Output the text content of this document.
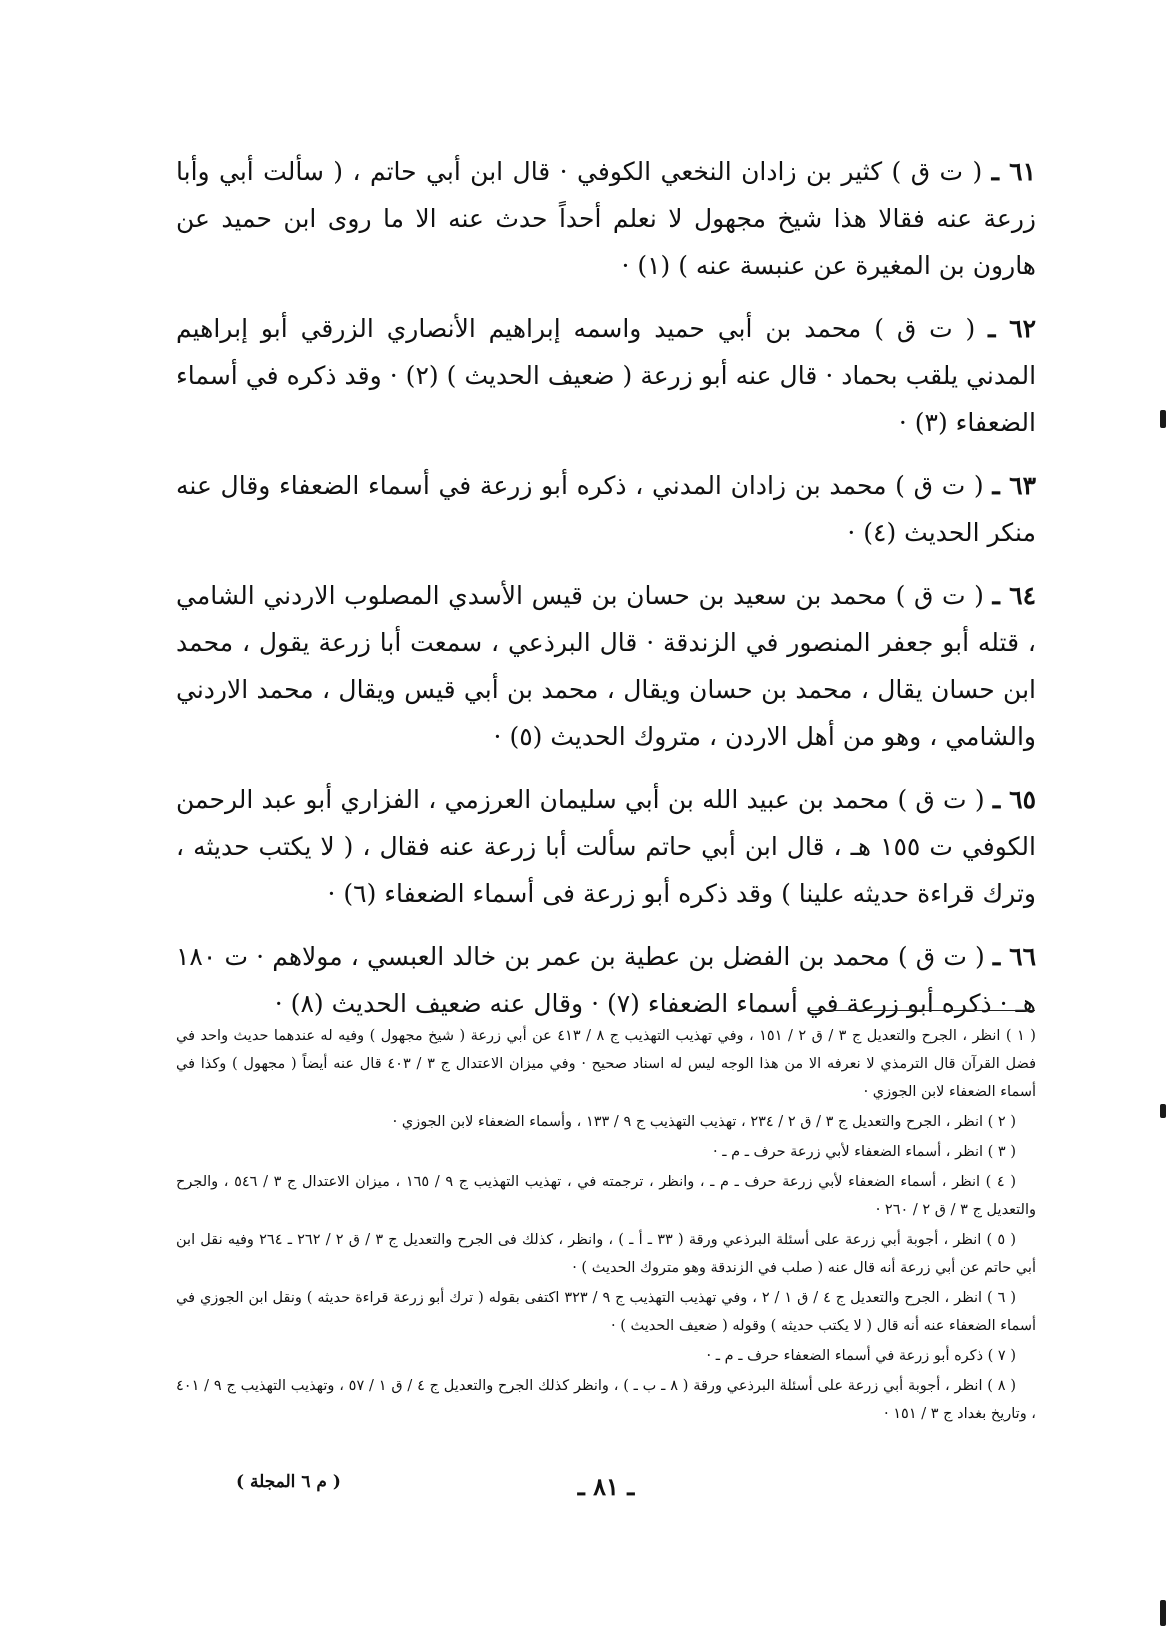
٦١ ـ ( ت ق ) كثير بن زادان النخعي الكوفي · قال ابن أبي حاتم ، ( سألت أبي وأبا زرعة عنه فقالا هذا شيخ مجهول لا نعلم أحداً حدث عنه الا ما روى ابن حميد عن هارون بن المغيرة عن عنبسة عنه ) (١) ·

٦٢ ـ ( ت ق ) محمد بن أبي حميد واسمه إبراهيم الأنصاري الزرقي أبو إبراهيم المدني يلقب بحماد · قال عنه أبو زرعة ( ضعيف الحديث ) (٢) · وقد ذكره في أسماء الضعفاء (٣) ·

٦٣ ـ ( ت ق ) محمد بن زادان المدني ، ذكره أبو زرعة في أسماء الضعفاء وقال عنه منكر الحديث (٤) ·

٦٤ ـ ( ت ق ) محمد بن سعيد بن حسان بن قيس الأسدي المصلوب الاردني الشامي ، قتله أبو جعفر المنصور في الزندقة · قال البرذعي ، سمعت أبا زرعة يقول ، محمد ابن حسان يقال ، محمد بن حسان ويقال ، محمد بن أبي قيس ويقال ، محمد الاردني والشامي ، وهو من أهل الاردن ، متروك الحديث (٥) ·

٦٥ ـ ( ت ق ) محمد بن عبيد الله بن أبي سليمان العرزمي ، الفزاري أبو عبد الرحمن الكوفي ت ١٥٥ هـ ، قال ابن أبي حاتم سألت أبا زرعة عنه فقال ، ( لا يكتب حديثه ، وترك قراءة حديثه علينا ) وقد ذكره أبو زرعة فى أسماء الضعفاء (٦) ·

٦٦ ـ ( ت ق ) محمد بن الفضل بن عطية بن عمر بن خالد العبسي ، مولاهم · ت ١٨٠ هـ · ذكره أبو زرعة في أسماء الضعفاء (٧) · وقال عنه ضعيف الحديث (٨) ·

( ١ ) انظر ، الجرح والتعديل ج ٣ / ق ٢ / ١٥١ ، وفي تهذيب التهذيب ج ٨ / ٤١٣ عن أبي زرعة ( شيخ مجهول ) وفيه له عندهما حديث واحد في فضل القرآن قال الترمذي لا نعرفه الا من هذا الوجه ليس له اسناد صحيح · وفي ميزان الاعتدال ج ٣ / ٤٠٣ قال عنه أيضاً ( مجهول ) وكذا في أسماء الضعفاء لابن الجوزي ·

( ٢ ) انظر ، الجرح والتعديل ج ٣ / ق ٢ / ٢٣٤ ، تهذيب التهذيب ج ٩ / ١٣٣ ، وأسماء الضعفاء لابن الجوزي ·

( ٣ ) انظر ، أسماء الضعفاء لأبي زرعة حرف ـ م ـ ·

( ٤ ) انظر ، أسماء الضعفاء لأبي زرعة حرف ـ م ـ ، وانظر ، ترجمته في ، تهذيب التهذيب ج ٩ / ١٦٥ ، ميزان الاعتدال ج ٣ / ٥٤٦ ، والجرح والتعديل ج ٣ / ق ٢ / ٢٦٠ ·

( ٥ ) انظر ، أجوبة أبي زرعة على أسئلة البرذعي ورقة ( ٣٣ ـ أ ـ ) ، وانظر ، كذلك فى الجرح والتعديل ج ٣ / ق ٢ / ٢٦٢ ـ ٢٦٤ وفيه نقل ابن أبي حاتم عن أبي زرعة أنه قال عنه ( صلب في الزندقة وهو متروك الحديث ) ·

( ٦ ) انظر ، الجرح والتعديل ج ٤ / ق ١ / ٢ ، وفي تهذيب التهذيب ج ٩ / ٣٢٣ اكتفى بقوله ( ترك أبو زرعة قراءة حديثه ) ونقل ابن الجوزي في أسماء الضعفاء عنه أنه قال ( لا يكتب حديثه ) وقوله ( ضعيف الحديث ) ·

( ٧ ) ذكره أبو زرعة في أسماء الضعفاء حرف ـ م ـ ·

( ٨ ) انظر ، أجوبة أبي زرعة على أسئلة البرذعي ورقة ( ٨ ـ ب ـ ) ، وانظر كذلك الجرح والتعديل ج ٤ / ق ١ / ٥٧ ، وتهذيب التهذيب ج ٩ / ٤٠١ ، وتاريخ بغداد ج ٣ / ١٥١ ·

ـ ٨١ ـ
( م ٦ المجلة )
